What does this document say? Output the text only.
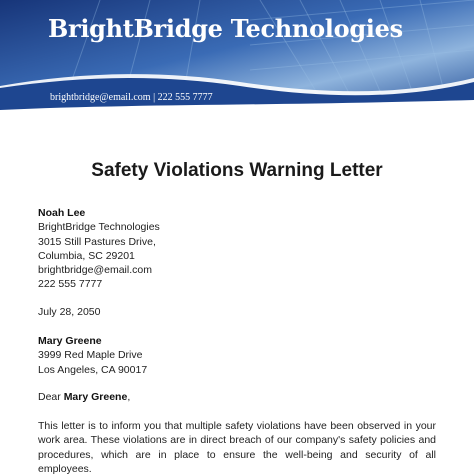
BrightBridge Technologies
brightbridge@email.com | 222 555 7777
Safety Violations Warning Letter
Noah Lee
BrightBridge Technologies
3015 Still Pastures Drive,
Columbia, SC 29201
brightbridge@email.com
222 555 7777
July 28, 2050
Mary Greene
3999 Red Maple Drive
Los Angeles, CA 90017
Dear Mary Greene,
This letter is to inform you that multiple safety violations have been observed in your work area. These violations are in direct breach of our company's safety policies and procedures, which are in place to ensure the well-being and security of all employees.
